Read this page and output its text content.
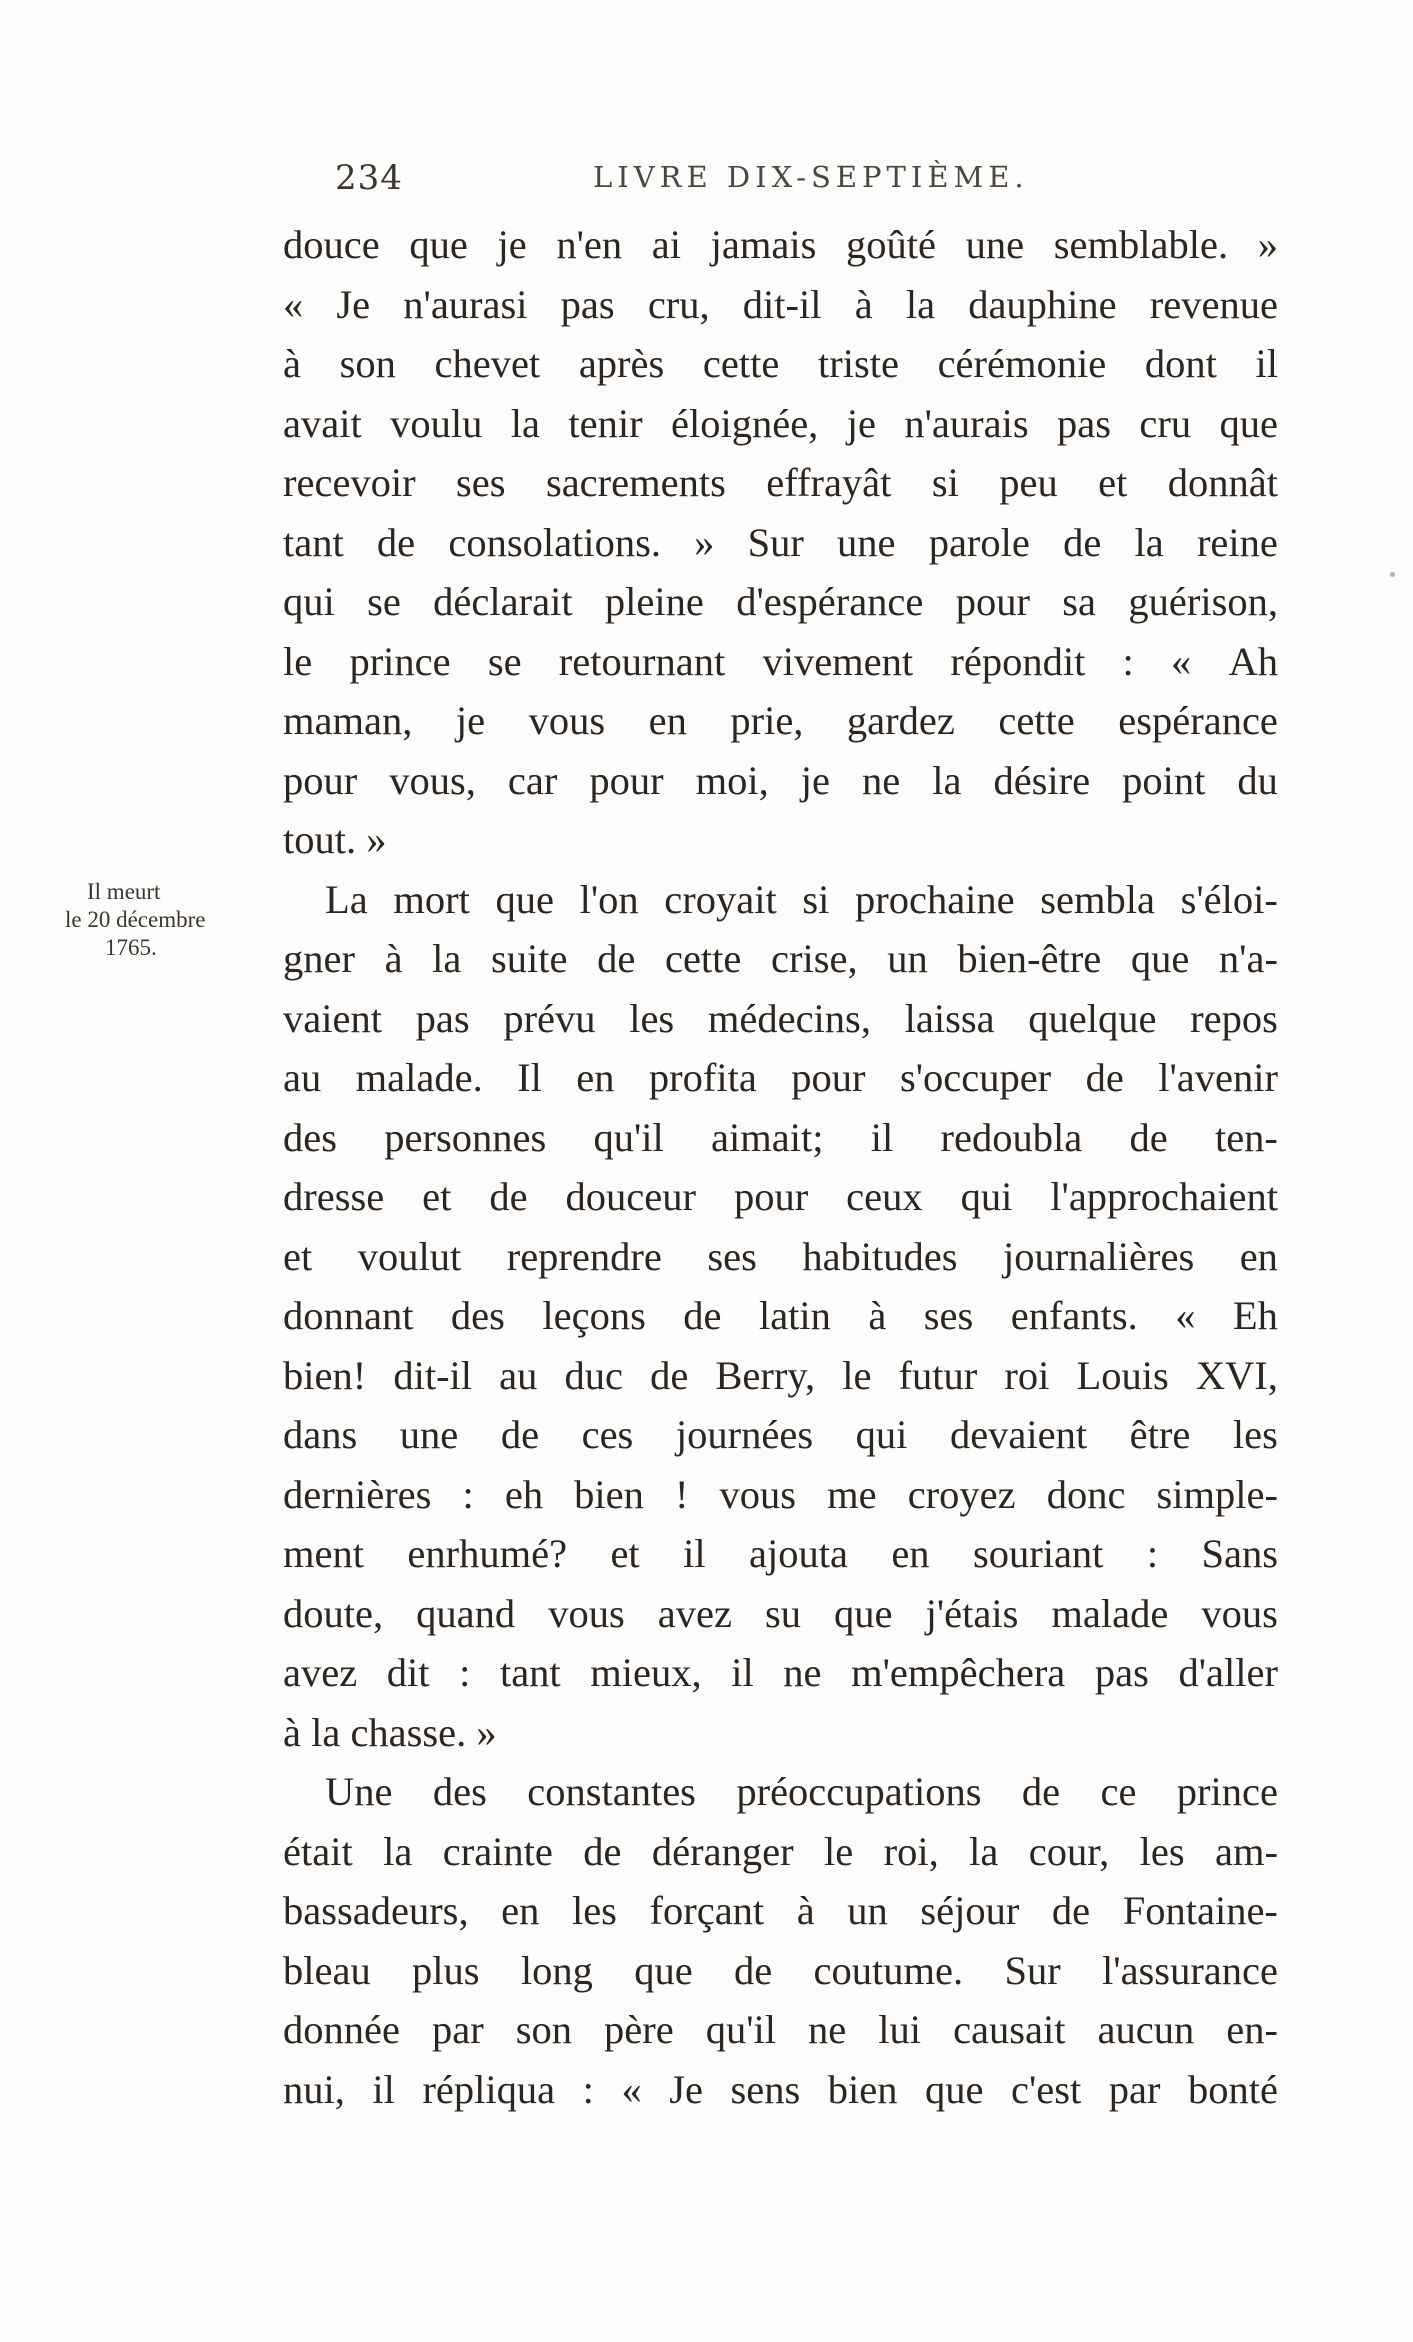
234	LIVRE DIX-SEPTIÈME.
Il meurt
le 20 décembre
1765.
douce que je n'en ai jamais goûté une semblable. »
« Je n'aurasi pas cru, dit-il à la dauphine revenue
à son chevet après cette triste cérémonie dont il
avait voulu la tenir éloignée, je n'aurais pas cru que
recevoir ses sacrements effrayât si peu et donnât
tant de consolations. » Sur une parole de la reine
qui se déclarait pleine d'espérance pour sa guérison,
le prince se retournant vivement répondit : « Ah
maman, je vous en prie, gardez cette espérance
pour vous, car pour moi, je ne la désire point du
tout. »
La mort que l'on croyait si prochaine sembla s'éloi-
gner à la suite de cette crise, un bien-être que n'a-
vaient pas prévu les médecins, laissa quelque repos
au malade. Il en profita pour s'occuper de l'avenir
des personnes qu'il aimait; il redoubla de ten-
dresse et de douceur pour ceux qui l'approchaient
et voulut reprendre ses habitudes journalières en
donnant des leçons de latin à ses enfants. « Eh
bien! dit-il au duc de Berry, le futur roi Louis XVI,
dans une de ces journées qui devaient être les
dernières : eh bien ! vous me croyez donc simple-
ment enrhumé? et il ajouta en souriant : Sans
doute, quand vous avez su que j'étais malade vous
avez dit : tant mieux, il ne m'empêchera pas d'aller
à la chasse. »
Une des constantes préoccupations de ce prince
était la crainte de déranger le roi, la cour, les am-
bassadeurs, en les forçant à un séjour de Fontaine-
bleau plus long que de coutume. Sur l'assurance
donnée par son père qu'il ne lui causait aucun en-
nui, il répliqua : « Je sens bien que c'est par bonté
